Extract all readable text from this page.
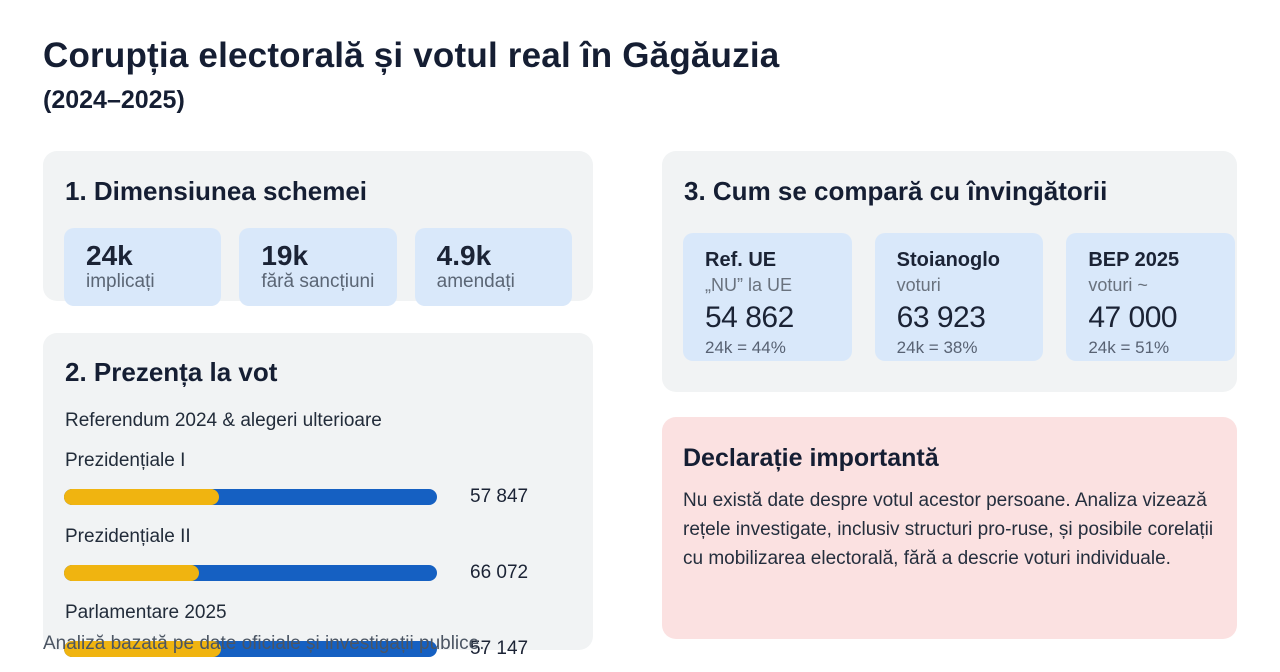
Corupția electorală și votul real în Găgăuzia
(2024–2025)
1. Dimensiunea schemei
24k
implicați
19k
fără sancțiuni
4.9k
amendați
2. Prezența la vot
Referendum 2024 & alegeri ulterioare
Prezidențiale I
57 847
Prezidențiale II
66 072
Parlamentare 2025
57 147
3. Cum se compară cu învingătorii
Ref. UE
„NU” la UE
54 862
24k = 44%
Stoianoglo
voturi
63 923
24k = 38%
BEP 2025
voturi ~
47 000
24k = 51%
Declarație importantă

Nu există date despre votul acestor persoane. Analiza vizează rețele investigate, inclusiv structuri pro-ruse, și posibile corelații cu mobilizarea electorală, fără a descrie voturi individuale.

Analiză bazată pe date oficiale și investigații publice.
